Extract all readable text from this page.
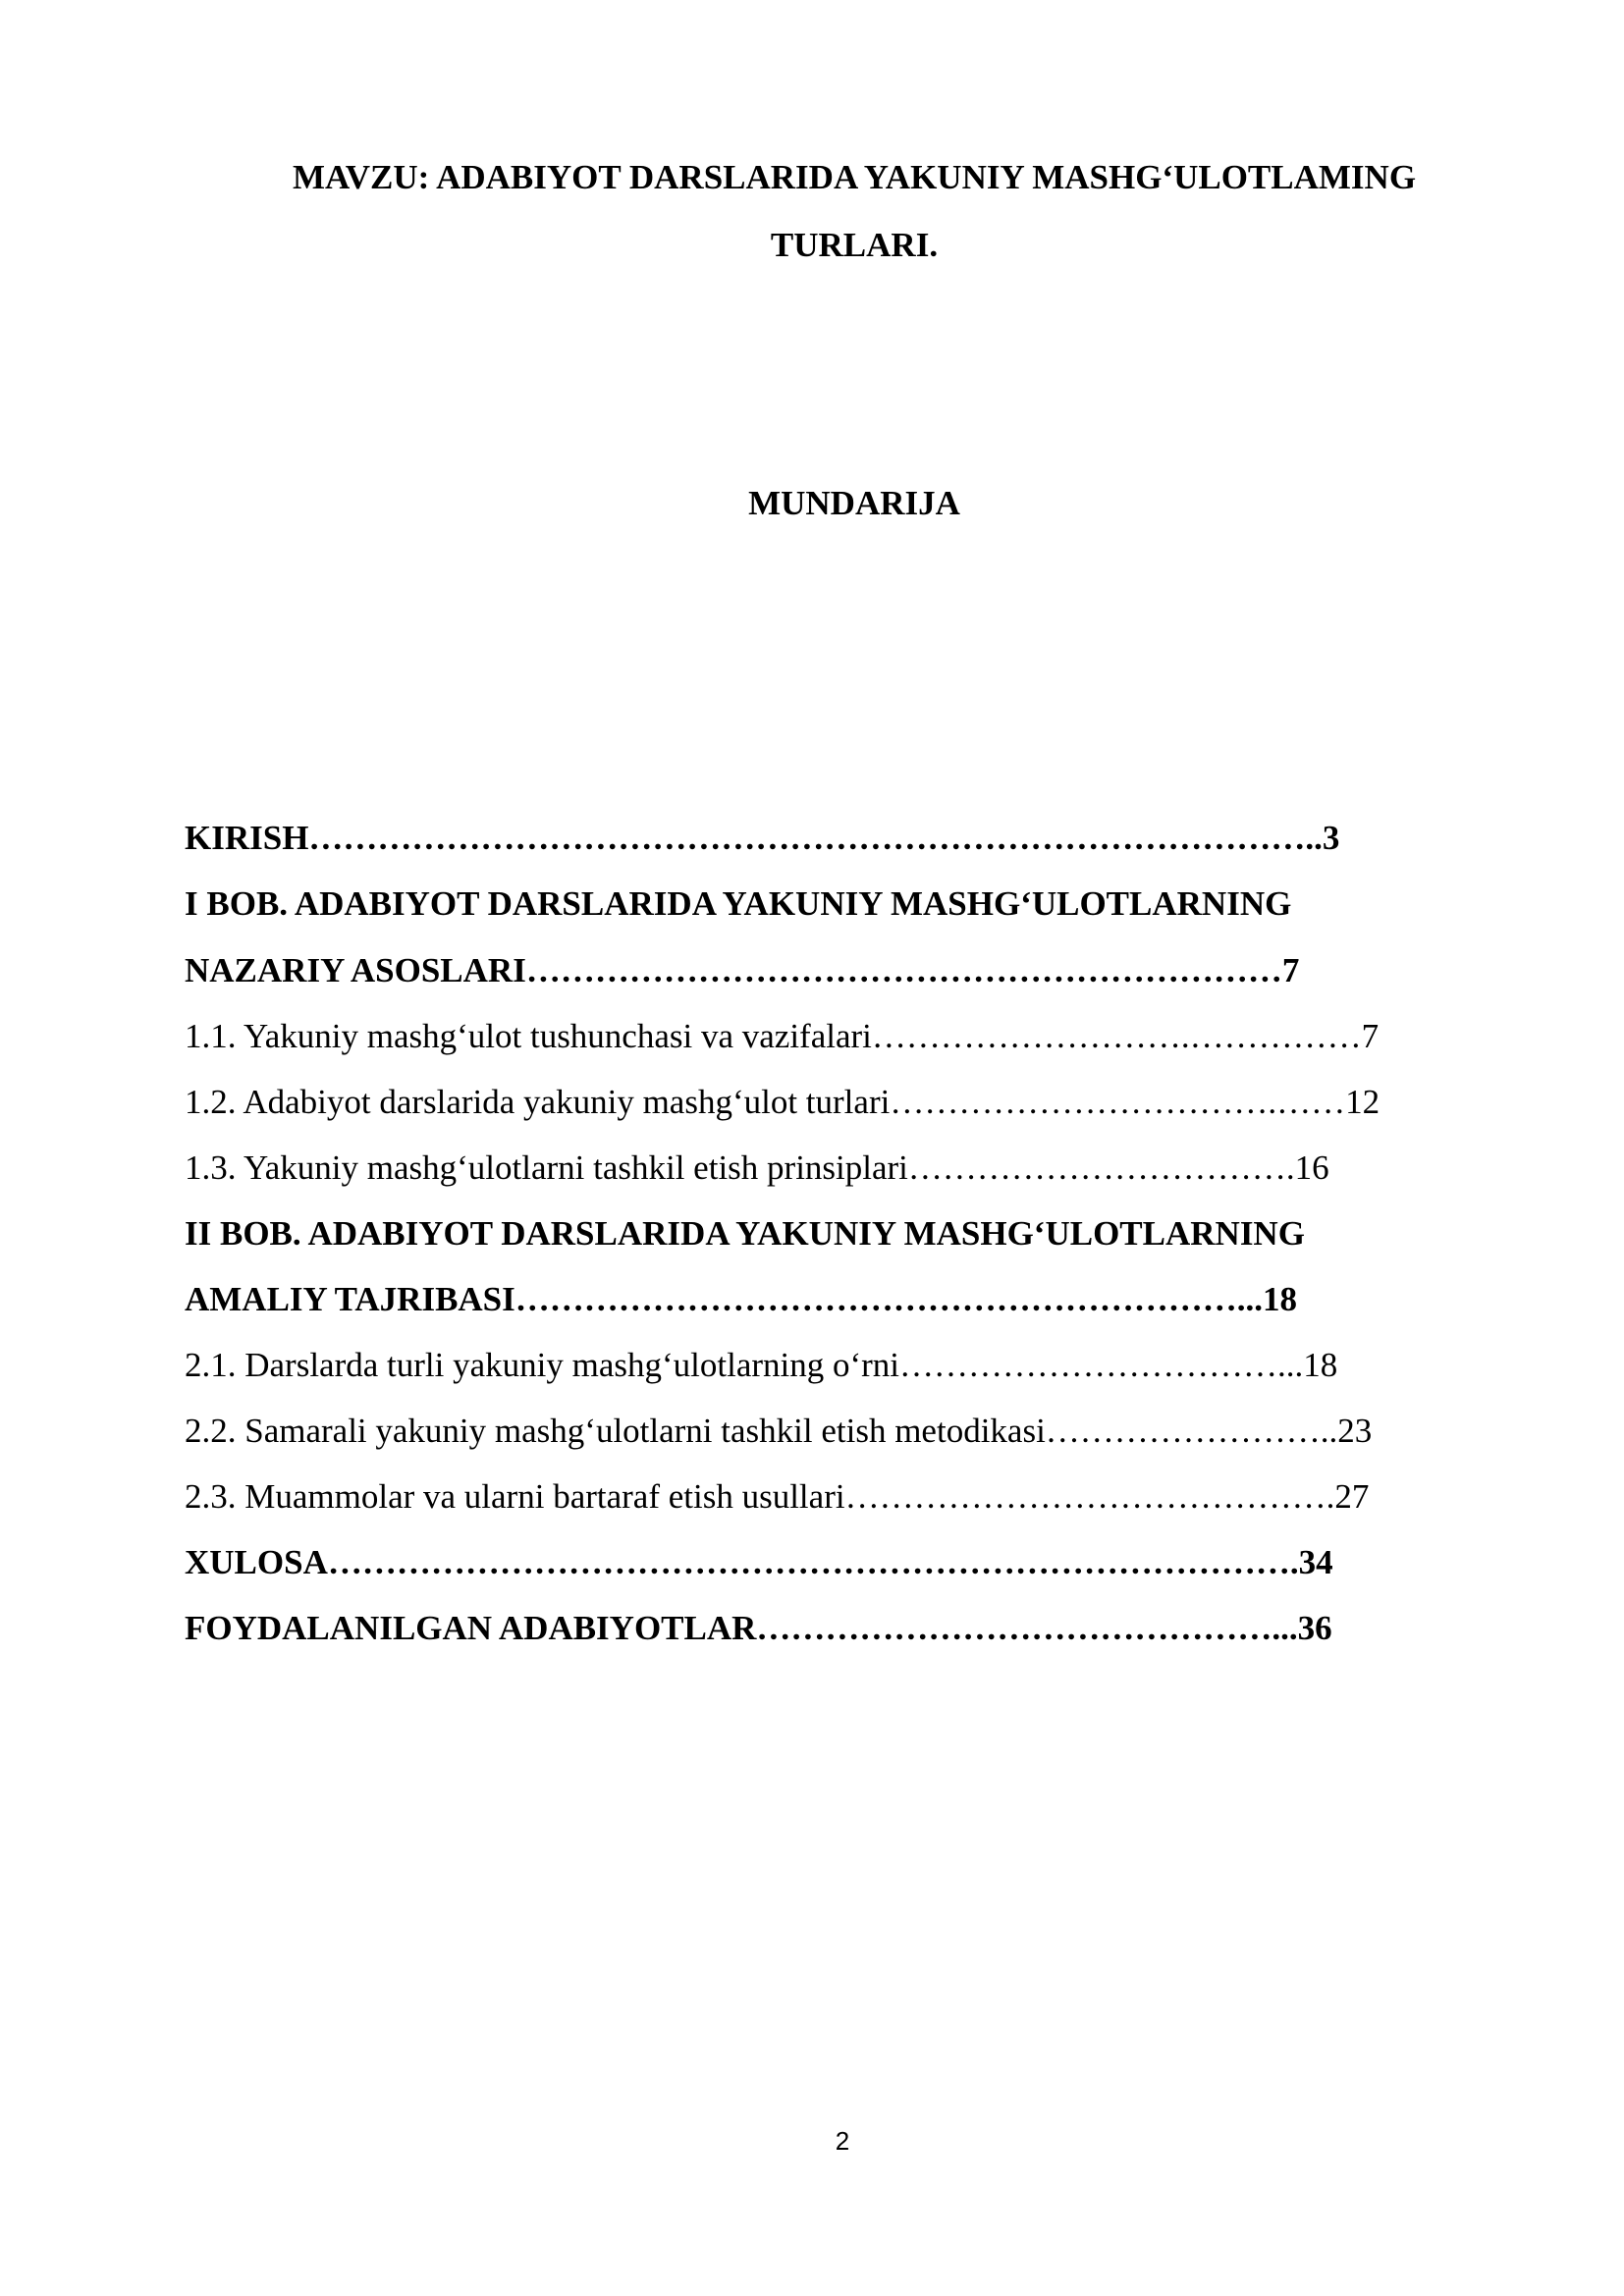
MAVZU: ADABIYOT DARSLARIDA YAKUNIY MASHG‘ULOTLAMING
TURLARI.
MUNDARIJA
KIRISH……………………………………………………………………………..3
I BOB. ADABIYOT DARSLARIDA YAKUNIY MASHG‘ULOTLARNING
NAZARIY ASOSLARI…………………………………………………………7
1.1. Yakuniy mashg‘ulot tushunchasi va vazifalari……………………….……………7
1.2. Adabiyot darslarida yakuniy mashg‘ulot turlari…………………………….……12
1.3. Yakuniy mashg‘ulotlarni tashkil etish prinsiplari…………………………….16
II BOB. ADABIYOT DARSLARIDA YAKUNIY MASHG‘ULOTLARNING
AMALIY TAJRIBASI………………………………………………………...18
2.1. Darslarda turli yakuniy mashg‘ulotlarning o‘rni……………………………...18
2.2. Samarali yakuniy mashg‘ulotlarni tashkil etish metodikasi……………………..23
2.3. Muammolar va ularni bartaraf etish usullari…………………………………….27
XULOSA………………………………………………………………………….34
FOYDALANILGAN ADABIYOTLAR………………………………………...36
2
